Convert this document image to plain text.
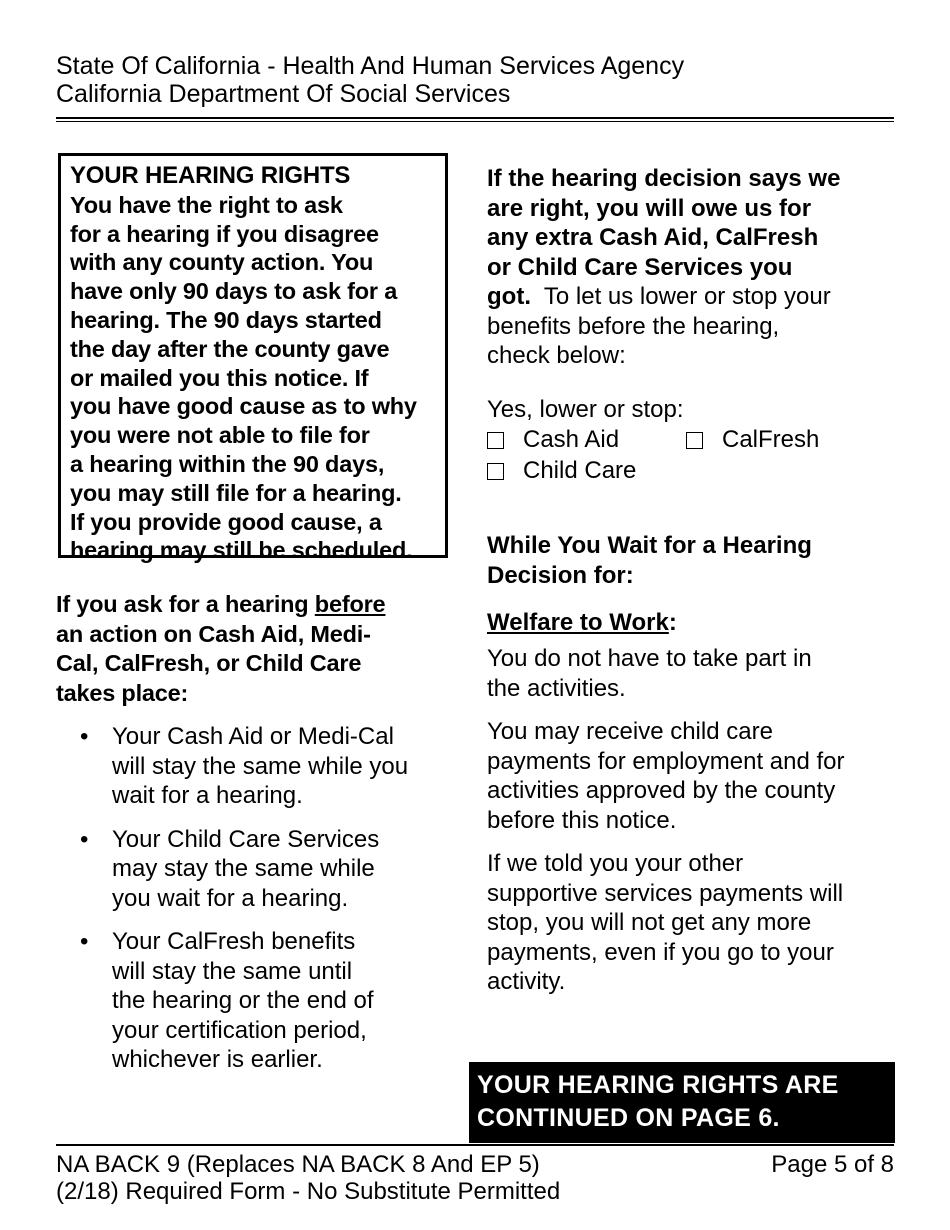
State Of California - Health And Human Services Agency
California Department Of Social Services

YOUR HEARING RIGHTS

You have the right to ask

for a hearing if you disagree

with any county action. You

have only 90 days to ask for a

hearing. The 90 days started

the day after the county gave

or mailed you this notice. If

you have good cause as to why

you were not able to file for

a hearing within the 90 days,

you may still file for a hearing.

If you provide good cause, a

hearing may still be scheduled.

If you ask for a hearing before
an action on Cash Aid, Medi-
Cal, CalFresh, or Child Care
takes place:
• Your Cash Aid or Medi-Cal
will stay the same while you
wait for a hearing.
• Your Child Care Services
may stay the same while
you wait for a hearing.
• Your CalFresh benefits
will stay the same until
the hearing or the end of
your certification period,
whichever is earlier.
If the hearing decision says we
are right, you will owe us for
any extra Cash Aid, CalFresh
or Child Care Services you
got.  To let us lower or stop your
benefits before the hearing,
check below:
Yes, lower or stop:
Cash Aid	CalFresh
Child Care
While You Wait for a Hearing
Decision for:
Welfare to Work:
You do not have to take part in
the activities.
You may receive child care
payments for employment and for
activities approved by the county
before this notice.
If we told you your other
supportive services payments will
stop, you will not get any more
payments, even if you go to your
activity.
YOUR HEARING RIGHTS ARE
CONTINUED ON PAGE 6.
NA BACK 9 (Replaces NA BACK 8 And EP 5)
(2/18) Required Form - No Substitute Permitted
Page 5 of 8
